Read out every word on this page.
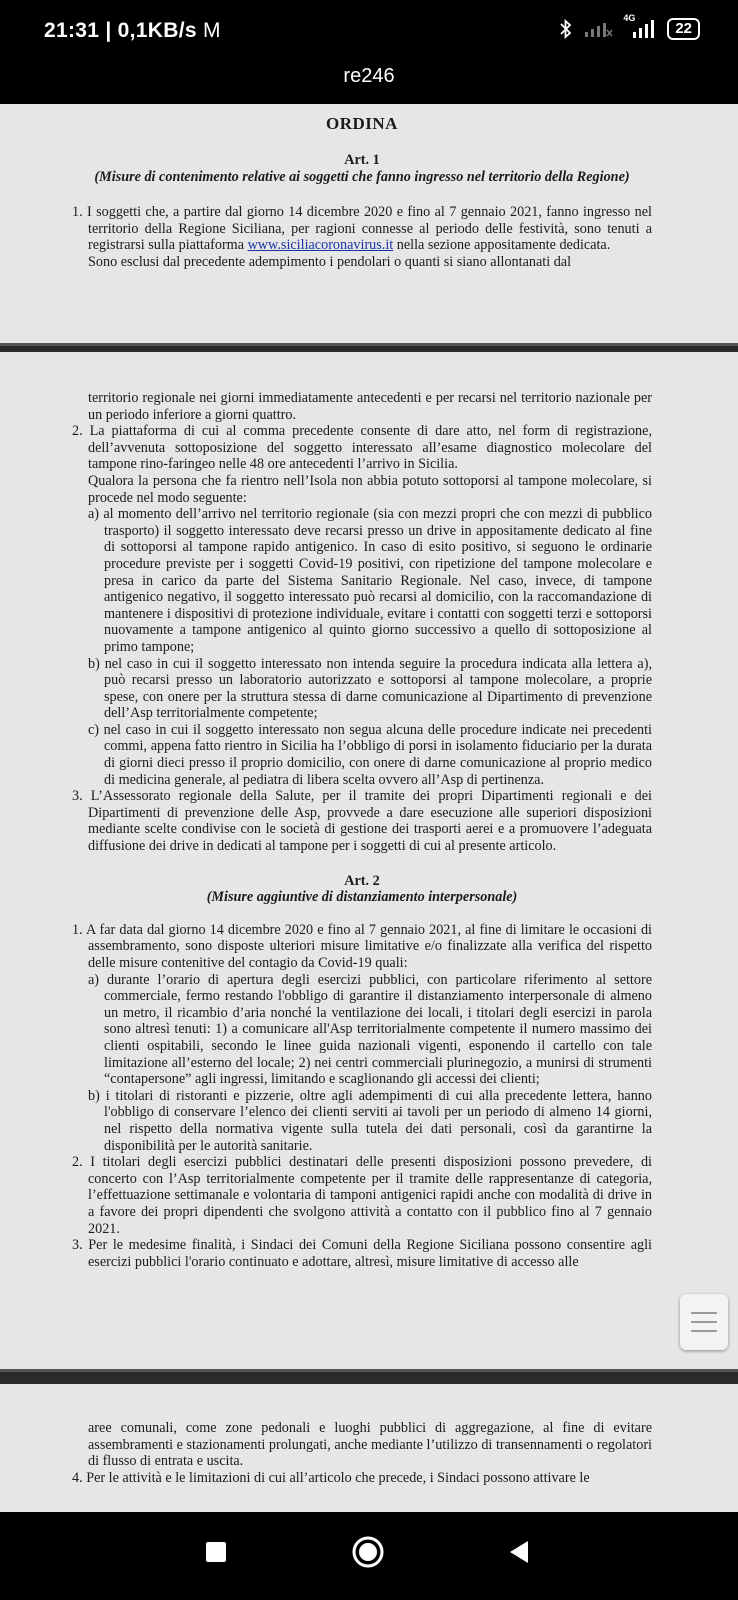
21:31 | 0,1KB/s M
4G
22
re246
ORDINA
Art. 1
(Misure di contenimento relative ai soggetti che fanno ingresso nel territorio della Regione)

1. I soggetti che, a partire dal giorno 14 dicembre 2020 e fino al 7 gennaio 2021, fanno ingresso nel territorio della Regione Siciliana, per ragioni connesse al periodo delle festività, sono tenuti a registrarsi sulla piattaforma www.siciliacoronavirus.it nella sezione appositamente dedicata.

Sono esclusi dal precedente adempimento i pendolari o quanti si siano allontanati dal

territorio regionale nei giorni immediatamente antecedenti e per recarsi nel territorio nazionale per un periodo inferiore a giorni quattro.

2. La piattaforma di cui al comma precedente consente di dare atto, nel form di registrazione, dell’avvenuta sottoposizione del soggetto interessato all’esame diagnostico molecolare del tampone rino-faringeo nelle 48 ore antecedenti l’arrivo in Sicilia.

Qualora la persona che fa rientro nell’Isola non abbia potuto sottoporsi al tampone molecolare, si procede nel modo seguente:

a) al momento dell’arrivo nel territorio regionale (sia con mezzi propri che con mezzi di pubblico trasporto) il soggetto interessato deve recarsi presso un drive in appositamente dedicato al fine di sottoporsi al tampone rapido antigenico. In caso di esito positivo, si seguono le ordinarie procedure previste per i soggetti Covid-19 positivi, con ripetizione del tampone molecolare e presa in carico da parte del Sistema Sanitario Regionale. Nel caso, invece, di tampone antigenico negativo, il soggetto interessato può recarsi al domicilio, con la raccomandazione di mantenere i dispositivi di protezione individuale, evitare i contatti con soggetti terzi e sottoporsi nuovamente a tampone antigenico al quinto giorno successivo a quello di sottoposizione al primo tampone;

b) nel caso in cui il soggetto interessato non intenda seguire la procedura indicata alla lettera a), può recarsi presso un laboratorio autorizzato e sottoporsi al tampone molecolare, a proprie spese, con onere per la struttura stessa di darne comunicazione al Dipartimento di prevenzione dell’Asp territorialmente competente;

c) nel caso in cui il soggetto interessato non segua alcuna delle procedure indicate nei precedenti commi, appena fatto rientro in Sicilia ha l’obbligo di porsi in isolamento fiduciario per la durata di giorni dieci presso il proprio domicilio, con onere di darne comunicazione al proprio medico di medicina generale, al pediatra di libera scelta ovvero all’Asp di pertinenza.

3. L’Assessorato regionale della Salute, per il tramite dei propri Dipartimenti regionali e dei Dipartimenti di prevenzione delle Asp, provvede a dare esecuzione alle superiori disposizioni mediante scelte condivise con le società di gestione dei trasporti aerei e a promuovere l’adeguata diffusione dei drive in dedicati al tampone per i soggetti di cui al presente articolo.

Art. 2

(Misure aggiuntive di distanziamento interpersonale)

1. A far data dal giorno 14 dicembre 2020 e fino al 7 gennaio 2021, al fine di limitare le occasioni di assembramento, sono disposte ulteriori misure limitative e/o finalizzate alla verifica del rispetto delle misure contenitive del contagio da Covid-19 quali:

a) durante l’orario di apertura degli esercizi pubblici, con particolare riferimento al settore commerciale, fermo restando l'obbligo di garantire il distanziamento interpersonale di almeno un metro, il ricambio d’aria nonché la ventilazione dei locali, i titolari degli esercizi in parola sono altresì tenuti: 1) a comunicare all'Asp territorialmente competente il numero massimo dei clienti ospitabili, secondo le linee guida nazionali vigenti, esponendo il cartello con tale limitazione all’esterno del locale; 2) nei centri commerciali plurinegozio, a munirsi di strumenti “contapersone” agli ingressi, limitando e scaglionando gli accessi dei clienti;

b) i titolari di ristoranti e pizzerie, oltre agli adempimenti di cui alla precedente lettera, hanno l'obbligo di conservare l’elenco dei clienti serviti ai tavoli per un periodo di almeno 14 giorni, nel rispetto della normativa vigente sulla tutela dei dati personali, così da garantirne la disponibilità per le autorità sanitarie.

2. I titolari degli esercizi pubblici destinatari delle presenti disposizioni possono prevedere, di concerto con l’Asp territorialmente competente per il tramite delle rappresentanze di categoria, l’effettuazione settimanale e volontaria di tamponi antigenici rapidi anche con modalità di drive in a favore dei propri dipendenti che svolgono attività a contatto con il pubblico fino al 7 gennaio 2021.

3. Per le medesime finalità, i Sindaci dei Comuni della Regione Siciliana possono consentire agli esercizi pubblici l'orario continuato e adottare, altresì, misure limitative di accesso alle

aree comunali, come zone pedonali e luoghi pubblici di aggregazione, al fine di evitare assembramenti e stazionamenti prolungati, anche mediante l’utilizzo di transennamenti o regolatori di flusso di entrata e uscita.

4. Per le attività e le limitazioni di cui all’articolo che precede, i Sindaci possono attivare le
